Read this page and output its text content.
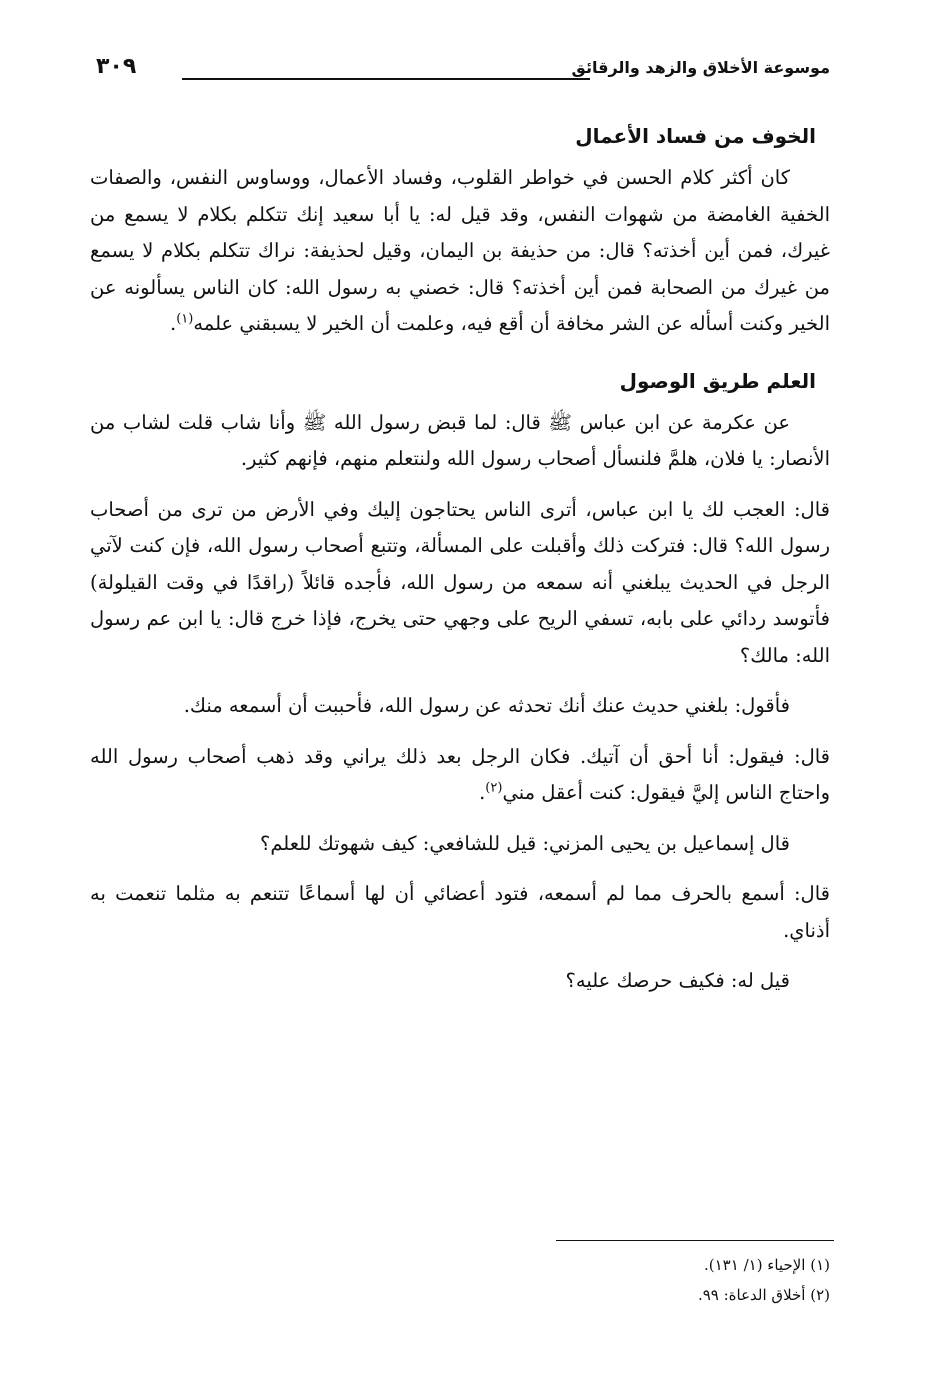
موسوعة الأخلاق والزهد والرقائق
٣٠٩
الخوف من فساد الأعمال

كان أكثر كلام الحسن في خواطر القلوب، وفساد الأعمال، ووساوس النفس، والصفات الخفية الغامضة من شهوات النفس، وقد قيل له: يا أبا سعيد إنك تتكلم بكلام لا يسمع من غيرك، فمن أين أخذته؟ قال: من حذيفة بن اليمان، وقيل لحذيفة: نراك تتكلم بكلام لا يسمع من غيرك من الصحابة فمن أين أخذته؟ قال: خصني به رسول الله: كان الناس يسألونه عن الخير وكنت أسأله عن الشر مخافة أن أقع فيه، وعلمت أن الخير لا يسبقني علمه$^{(١)}$.

العلم طريق الوصول

عن عكرمة عن ابن عباس ﷺ قال: لما قبض رسول الله ﷺ وأنا شاب قلت لشاب من الأنصار: يا فلان، هلمَّ فلنسأل أصحاب رسول الله ولنتعلم منهم، فإنهم كثير.

قال: العجب لك يا ابن عباس، أترى الناس يحتاجون إليك وفي الأرض من ترى من أصحاب رسول الله؟ قال: فتركت ذلك وأقبلت على المسألة، وتتبع أصحاب رسول الله، فإن كنت لآتي الرجل في الحديث يبلغني أنه سمعه من رسول الله، فأجده قائلاً (راقدًا في وقت القيلولة) فأتوسد ردائي على بابه، تسفي الريح على وجهي حتى يخرج، فإذا خرج قال: يا ابن عم رسول الله: مالك؟

فأقول: بلغني حديث عنك أنك تحدثه عن رسول الله، فأحببت أن أسمعه منك.

قال: فيقول: أنا أحق أن آتيك. فكان الرجل بعد ذلك يراني وقد ذهب أصحاب رسول الله واحتاج الناس إليَّ فيقول: كنت أعقل مني$^{(٢)}$.

قال إسماعيل بن يحيى المزني: قيل للشافعي: كيف شهوتك للعلم؟

قال: أسمع بالحرف مما لم أسمعه، فتود أعضائي أن لها أسماعًا تتنعم به مثلما تنعمت به أذناي.

قيل له: فكيف حرصك عليه؟

(١) الإحياء (١/ ١٣١).
(٢) أخلاق الدعاة: ٩٩.
